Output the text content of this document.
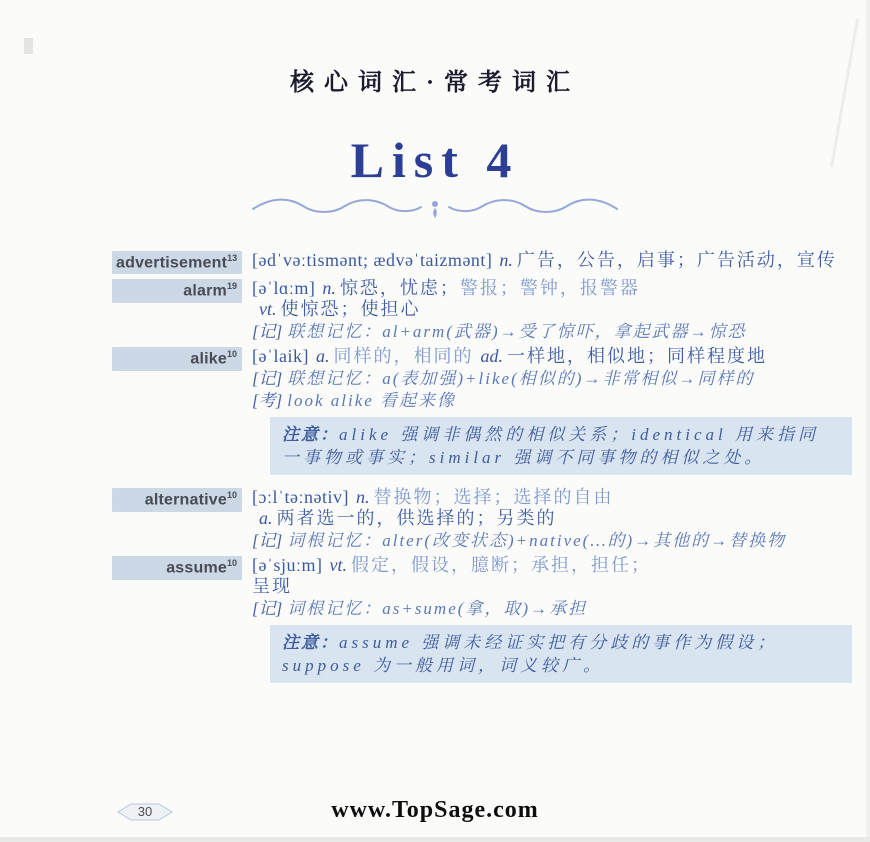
核心词汇·常考词汇
List 4
advertisement$^{13}$ [ədˈvəːtismənt; ædvəˈtaizmənt] n. 广告，公告，启事；广告活动，宣传
alarm$^{19}$ [əˈlɑːm] n. 惊恐，忧虑；警报；警钟，报警器
vt. 使惊恐；使担心
[记] 联想记忆：al+arm(武器)→受了惊吓，拿起武器→惊恐
alike$^{10}$ [əˈlaik] a. 同样的，相同的 ad. 一样地，相似地；同样程度地
[记] 联想记忆：a(表加强)+like(相似的)→非常相似→同样的
[考] look alike 看起来像
注意：alike 强调非偶然的相似关系；identical 用来指同一事物或事实；similar 强调不同事物的相似之处。
alternative$^{10}$ [ɔːlˈtəːnətiv] n. 替换物；选择；选择的自由
a. 两者选一的，供选择的；另类的
[记] 词根记忆：alter(改变状态)+native(…的)→其他的→替换物
assume$^{10}$ [əˈsjuːm] vt. 假定，假设，臆断；承担，担任；
呈现
[记] 词根记忆：as+sume(拿，取)→承担
注意：assume 强调未经证实把有分歧的事作为假设；suppose 为一般用词，词义较广。
30	www.TopSage.com
